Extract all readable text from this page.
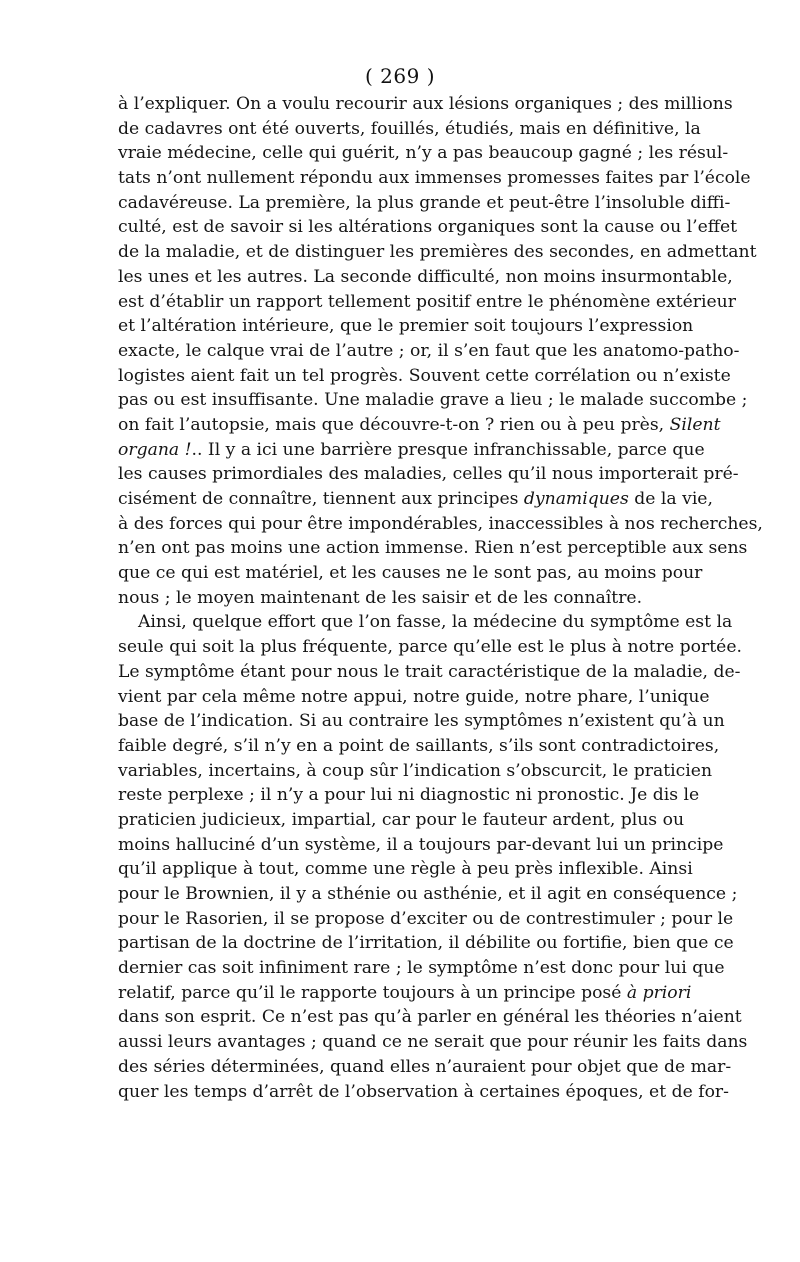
( 269 )
à l’expliquer. On a voulu recourir aux lésions organiques ; des millions
de cadavres ont été ouverts, fouillés, étudiés, mais en définitive, la
vraie médecine, celle qui guérit, n’y a pas beaucoup gagné ; les résul-
tats n’ont nullement répondu aux immenses promesses faites par l’école
cadavéreuse. La première, la plus grande et peut-être l’insoluble diffi-
culté, est de savoir si les altérations organiques sont la cause ou l’effet
de la maladie, et de distinguer les premières des secondes, en admettant
les unes et les autres. La seconde difficulté, non moins insurmontable,
est d’établir un rapport tellement positif entre le phénomène extérieur
et l’altération intérieure, que le premier soit toujours l’expression
exacte, le calque vrai de l’autre ; or, il s’en faut que les anatomo-patho-
logistes aient fait un tel progrès. Souvent cette corrélation ou n’existe
pas ou est insuffisante. Une maladie grave a lieu ; le malade succombe ;
on fait l’autopsie, mais que découvre-t-on ? rien ou à peu près, Silent
organa !.. Il y a ici une barrière presque infranchissable, parce que
les causes primordiales des maladies, celles qu’il nous importerait pré-
cisément de connaître, tiennent aux principes dynamiques de la vie,
à des forces qui pour être impondérables, inaccessibles à nos recherches,
n’en ont pas moins une action immense. Rien n’est perceptible aux sens
que ce qui est matériel, et les causes ne le sont pas, au moins pour
nous ; le moyen maintenant de les saisir et de les connaître.
Ainsi, quelque effort que l’on fasse, la médecine du symptôme est la
seule qui soit la plus fréquente, parce qu’elle est le plus à notre portée.
Le symptôme étant pour nous le trait caractéristique de la maladie, de-
vient par cela même notre appui, notre guide, notre phare, l’unique
base de l’indication. Si au contraire les symptômes n’existent qu’à un
faible degré, s’il n’y en a point de saillants, s’ils sont contradictoires,
variables, incertains, à coup sûr l’indication s’obscurcit, le praticien
reste perplexe ; il n’y a pour lui ni diagnostic ni pronostic. Je dis le
praticien judicieux, impartial, car pour le fauteur ardent, plus ou
moins halluciné d’un système, il a toujours par-devant lui un principe
qu’il applique à tout, comme une règle à peu près inflexible. Ainsi
pour le Brownien, il y a sthénie ou asthénie, et il agit en conséquence ;
pour le Rasorien, il se propose d’exciter ou de contrestimuler ; pour le
partisan de la doctrine de l’irritation, il débilite ou fortifie, bien que ce
dernier cas soit infiniment rare ; le symptôme n’est donc pour lui que
relatif, parce qu’il le rapporte toujours à un principe posé à priori
dans son esprit. Ce n’est pas qu’à parler en général les théories n’aient
aussi leurs avantages ; quand ce ne serait que pour réunir les faits dans
des séries déterminées, quand elles n’auraient pour objet que de mar-
quer les temps d’arrêt de l’observation à certaines époques, et de for-
